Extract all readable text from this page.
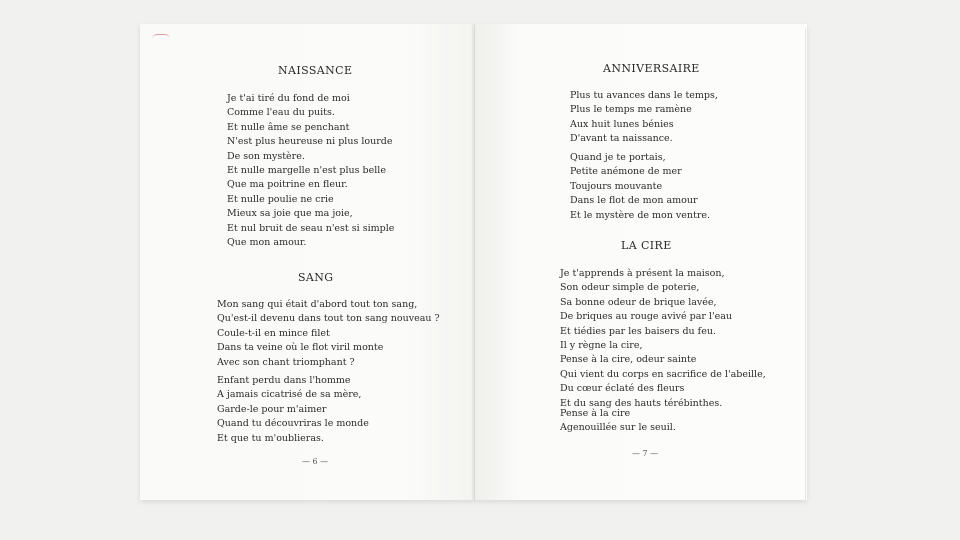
NAISSANCE
Je t'ai tiré du fond de moi
Comme l'eau du puits.
Et nulle âme se penchant
N'est plus heureuse ni plus lourde
De son mystère.
Et nulle margelle n'est plus belle
Que ma poitrine en fleur.
Et nulle poulie ne crie
Mieux sa joie que ma joie,
Et nul bruit de seau n'est si simple
Que mon amour.
SANG
Mon sang qui était d'abord tout ton sang,
Qu'est-il devenu dans tout ton sang nouveau ?
Coule-t-il en mince filet
Dans ta veine où le flot viril monte
Avec son chant triomphant ?
Enfant perdu dans l'homme
A jamais cicatrisé de sa mère,
Garde-le pour m'aimer
Quand tu découvriras le monde
Et que tu m'oublieras.
— 6 —
ANNIVERSAIRE
Plus tu avances dans le temps,
Plus le temps me ramène
Aux huit lunes bénies
D'avant ta naissance.
Quand je te portais,
Petite anémone de mer
Toujours mouvante
Dans le flot de mon amour
Et le mystère de mon ventre.
LA CIRE
Je t'apprends à présent la maison,
Son odeur simple de poterie,
Sa bonne odeur de brique lavée,
De briques au rouge avivé par l'eau
Et tiédies par les baisers du feu.
Il y règne la cire,
Pense à la cire, odeur sainte
Qui vient du corps en sacrifice de l'abeille,
Du cœur éclaté des fleurs
Et du sang des hauts térébinthes.
Pense à la cire
Agenouillée sur le seuil.
— 7 —
